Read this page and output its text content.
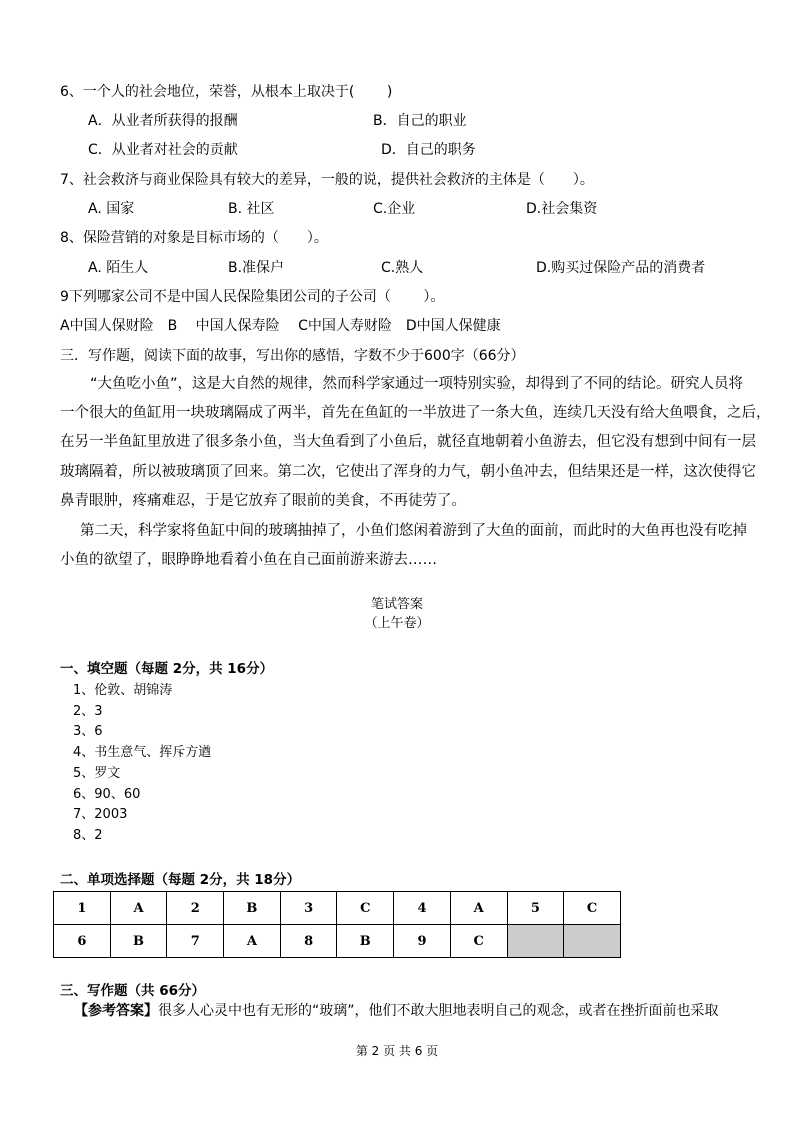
6、一个人的社会地位，荣誉，从根本上取决于(　　 )
A．从业者所获得的报酬	B．自己的职业
C．从业者对社会的贡献	D．自己的职务
7、社会救济与商业保险具有较大的差异，一般的说，提供社会救济的主体是（　　）。
A. 国家	B. 社区	C.企业	D.社会集资
8、保险营销的对象是目标市场的（　　）。
A. 陌生人	B.准保户	C.熟人	D.购买过保险产品的消费者
9下列哪家公司不是中国人民保险集团公司的子公司（　　 ）。
A中国人保财险　B　 中国人保寿险　 C中国人寿财险　D中国人保健康
三．写作题，阅读下面的故事，写出你的感悟，字数不少于600字（66分）
“大鱼吃小鱼”，这是大自然的规律，然而科学家通过一项特别实验，却得到了不同的结论。研究人员将
一个很大的鱼缸用一块玻璃隔成了两半，首先在鱼缸的一半放进了一条大鱼，连续几天没有给大鱼喂食，之后，
在另一半鱼缸里放进了很多条小鱼，当大鱼看到了小鱼后，就径直地朝着小鱼游去，但它没有想到中间有一层
玻璃隔着，所以被玻璃顶了回来。第二次，它使出了浑身的力气，朝小鱼冲去，但结果还是一样，这次使得它
鼻青眼肿，疼痛难忍，于是它放弃了眼前的美食，不再徒劳了。
第二天，科学家将鱼缸中间的玻璃抽掉了，小鱼们悠闲着游到了大鱼的面前，而此时的大鱼再也没有吃掉
小鱼的欲望了，眼睁睁地看着小鱼在自己面前游来游去……
笔试答案
（上午卷）
一、填空题（每题 2分，共 16分）
1、伦敦、胡锦涛
2、3
3、6
4、书生意气、挥斥方遒
5、罗文
6、90、60
7、2003
8、2
二、单项选择题（每题 2分，共 18分）
1	A	2	B	3	C	4	A	5	C
6	B	7	A	8	B	9	C		
三、写作题（共 66分）
【参考答案】很多人心灵中也有无形的“玻璃”，他们不敢大胆地表明自己的观念，或者在挫折面前也采取
第 2 页 共 6 页
